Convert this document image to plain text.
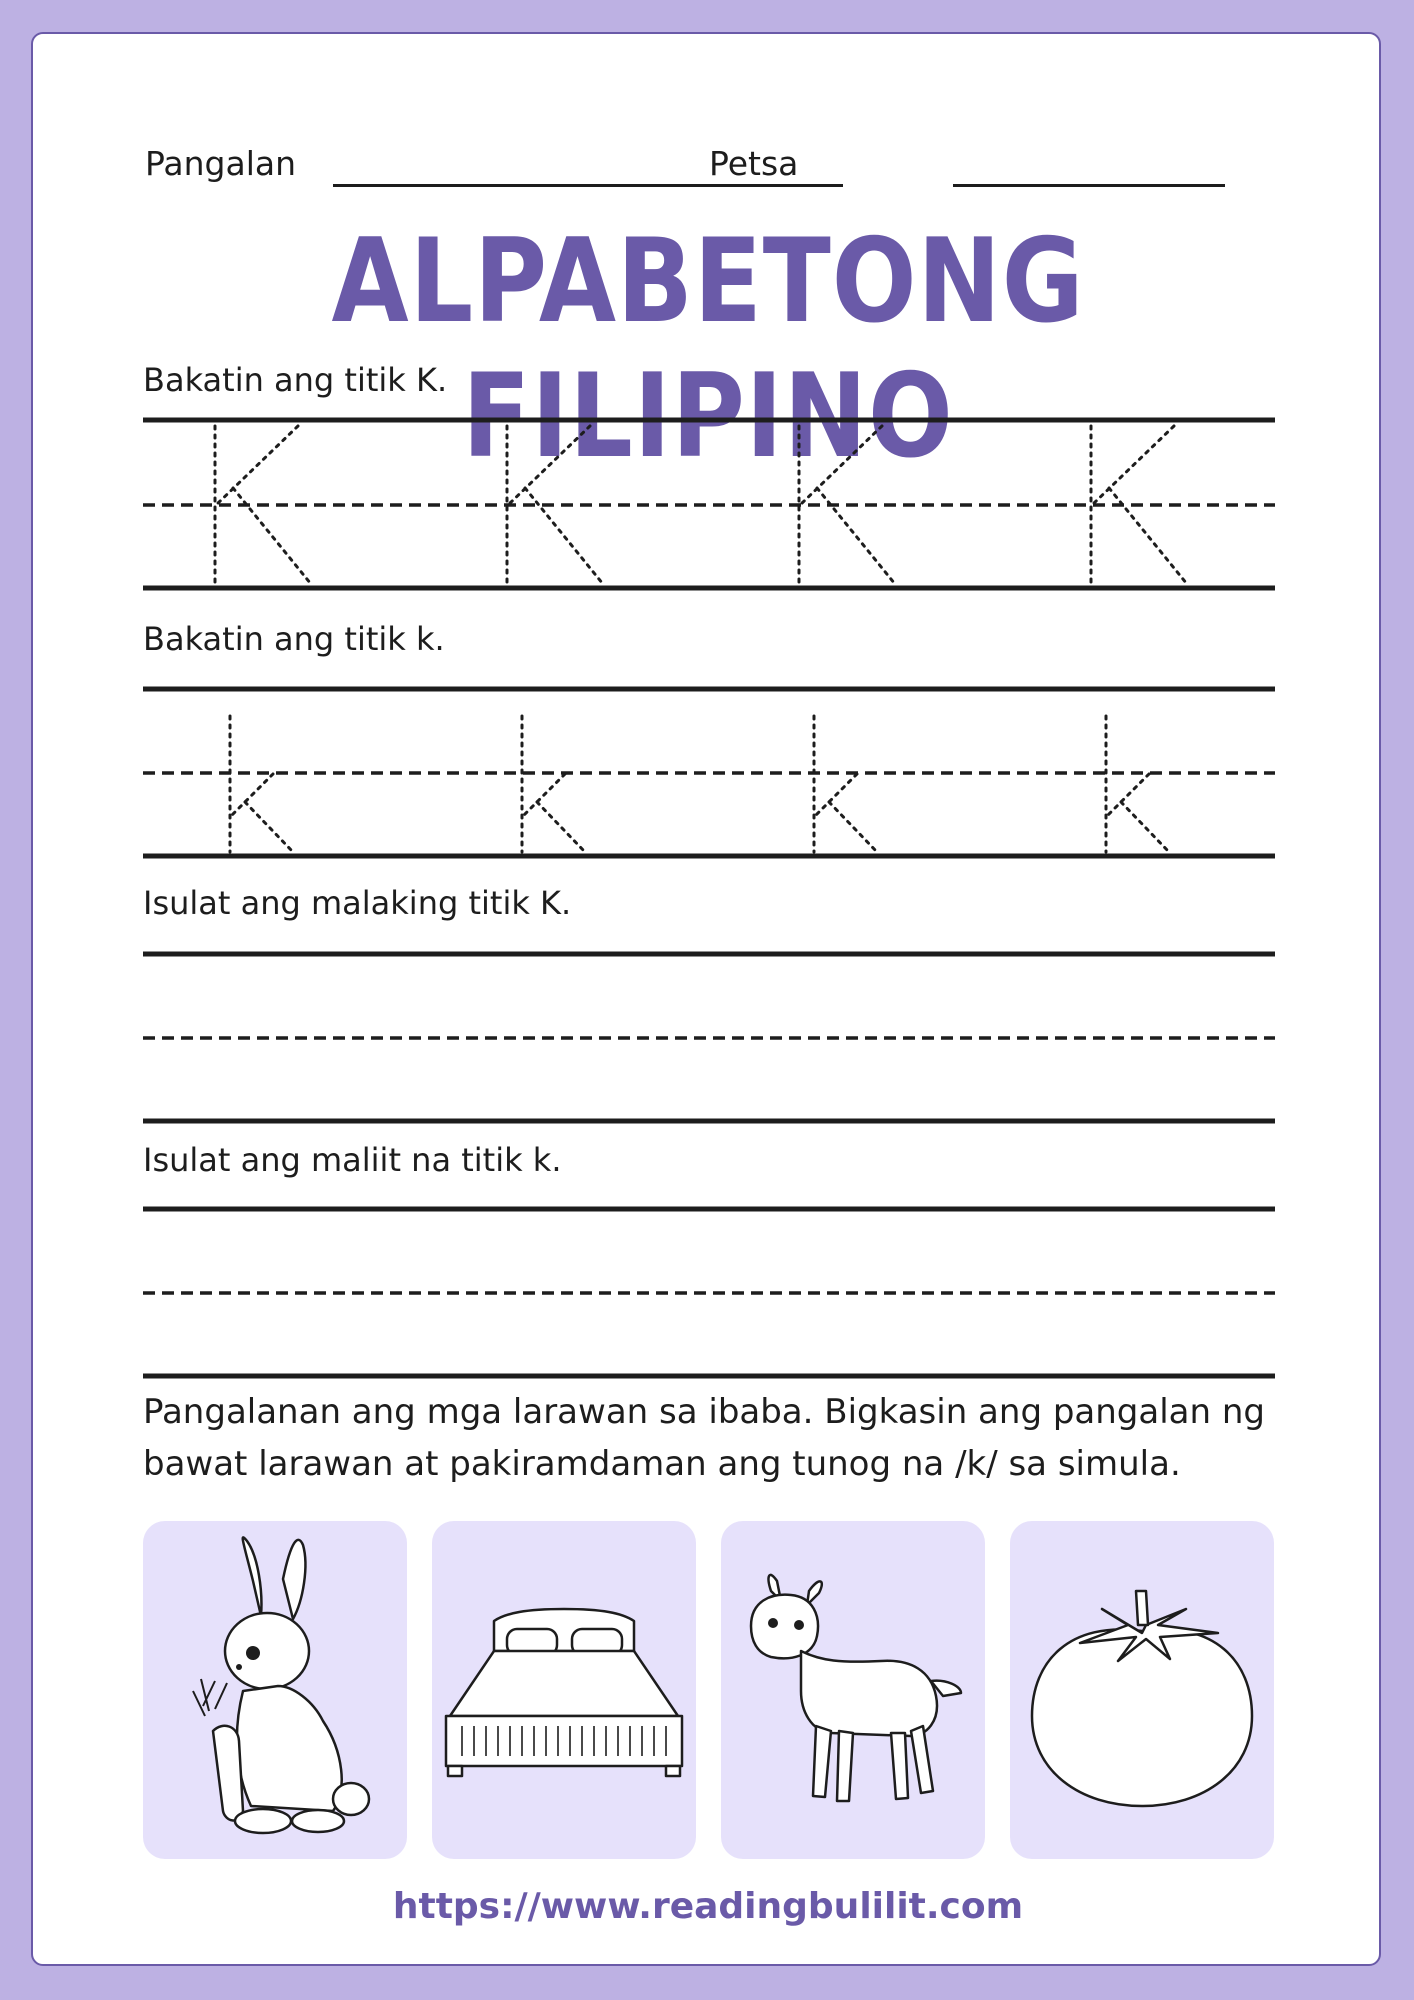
Pangalan	Petsa
ALPABETONG FILIPINO
Bakatin ang titik K.
Bakatin ang titik k.
Isulat ang malaking titik K.
Isulat ang maliit na titik k.
Pangalanan ang mga larawan sa ibaba. Bigkasin ang pangalan ng bawat larawan at pakiramdaman ang tunog na /k/ sa simula.
https://www.readingbulilit.com
